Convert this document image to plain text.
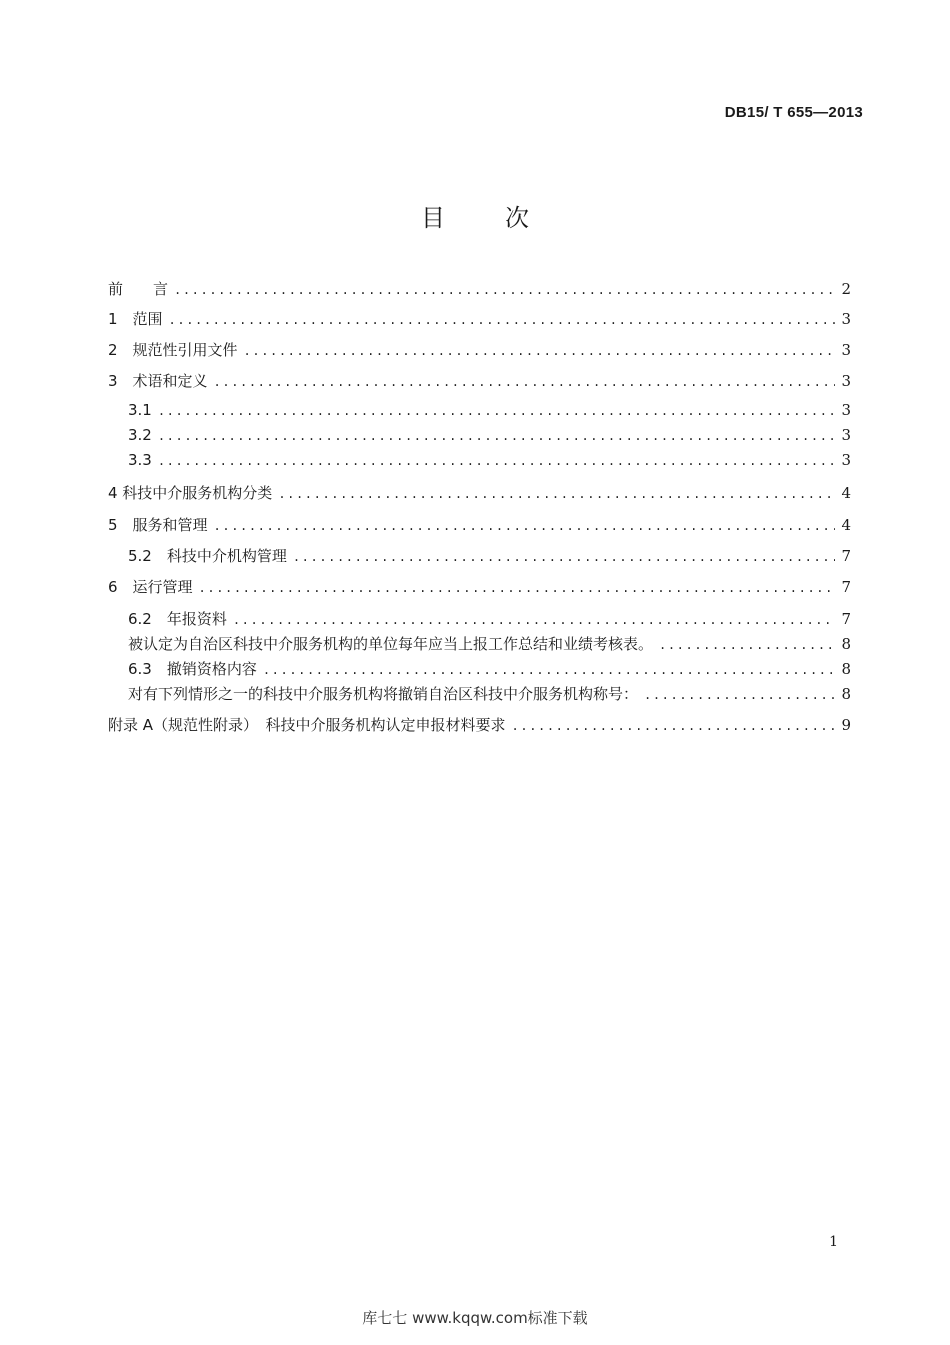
DB15/ T 655—2013
目次
前　　言 .....	2
1　范围 .....	3
2　规范性引用文件 .....	3
3　术语和定义 .....	3
3.1 .....	3
3.2 .....	3
3.3 .....	3
4 科技中介服务机构分类 .....	4
5　服务和管理 .....	4
5.2　科技中介机构管理 .....	7
6　运行管理 .....	7
6.2　年报资料 .....	7
被认定为自治区科技中介服务机构的单位每年应当上报工作总结和业绩考核表。 .....	8
6.3　撤销资格内容 .....	8
对有下列情形之一的科技中介服务机构将撤销自治区科技中介服务机构称号： .....	8
附录 A（规范性附录）　科技中介服务机构认定申报材料要求 .....	9
1
库七七 www.kqqw.com标准下载
